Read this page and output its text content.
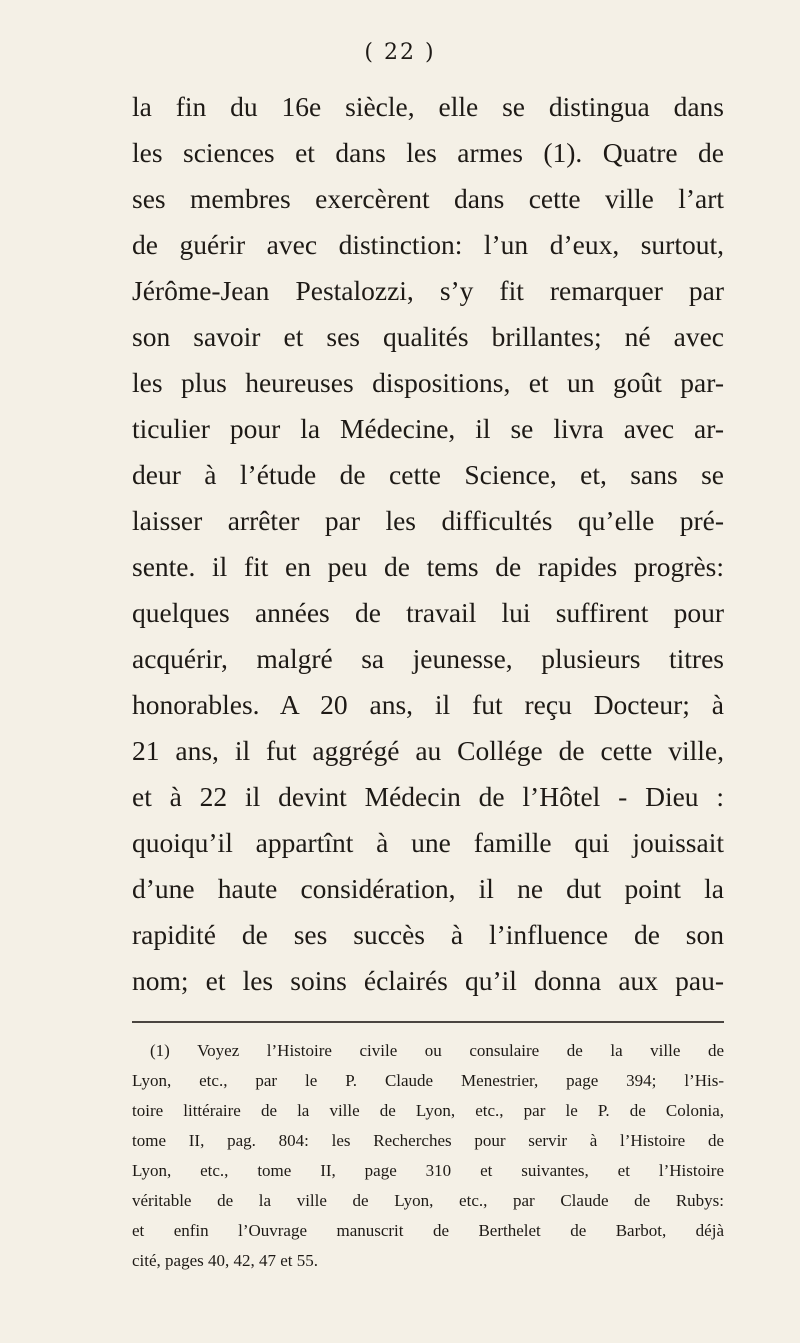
( 22 )
la fin du 16e siècle, elle se distingua dans
les sciences et dans les armes (1). Quatre de
ses membres exercèrent dans cette ville l’art
de guérir avec distinction: l’un d’eux, surtout,
Jérôme-Jean Pestalozzi, s’y fit remarquer par
son savoir et ses qualités brillantes; né avec
les plus heureuses dispositions, et un goût par-
ticulier pour la Médecine, il se livra avec ar-
deur à l’étude de cette Science, et, sans se
laisser arrêter par les difficultés qu’elle pré-
sente. il fit en peu de tems de rapides progrès:
quelques années de travail lui suffirent pour
acquérir, malgré sa jeunesse, plusieurs titres
honorables. A 20 ans, il fut reçu Docteur; à
21 ans, il fut aggrégé au Collége de cette ville,
et à 22 il devint Médecin de l’Hôtel - Dieu :
quoiqu’il appartînt à une famille qui jouissait
d’une haute considération, il ne dut point la
rapidité de ses succès à l’influence de son
nom; et les soins éclairés qu’il donna aux pau-
(1) Voyez l’Histoire civile ou consulaire de la ville de
Lyon, etc., par le P. Claude Menestrier, page 394; l’His-
toire littéraire de la ville de Lyon, etc., par le P. de Colonia,
tome II, pag. 804: les Recherches pour servir à l’Histoire de
Lyon, etc., tome II, page 310 et suivantes, et l’Histoire
véritable de la ville de Lyon, etc., par Claude de Rubys:
et enfin l’Ouvrage manuscrit de Berthelet de Barbot, déjà
cité, pages 40, 42, 47 et 55.
